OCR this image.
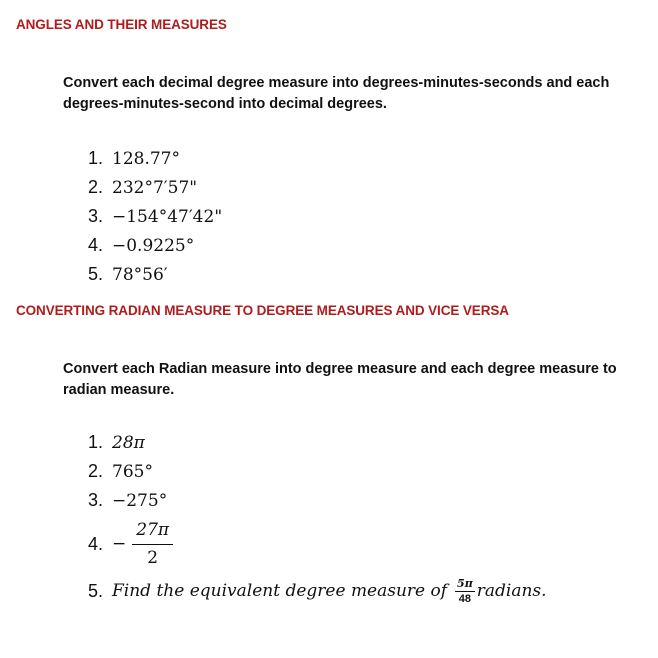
ANGLES AND THEIR MEASURES
Convert each decimal degree measure into degrees-minutes-seconds and each degrees-minutes-second into decimal degrees.
1. 128.77°
2. 232°7′57"
3. −154°47′42"
4. −0.9225°
5. 78°56′
CONVERTING RADIAN MEASURE TO DEGREE MEASURES AND VICE VERSA
Convert each Radian measure into degree measure and each degree measure to radian measure.
1. 28π
2. 765°
3. −275°
4. − $\frac{27\pi}{2}$
5. Find the equivalent degree measure of $\frac{5\pi}{48}$ radians.
